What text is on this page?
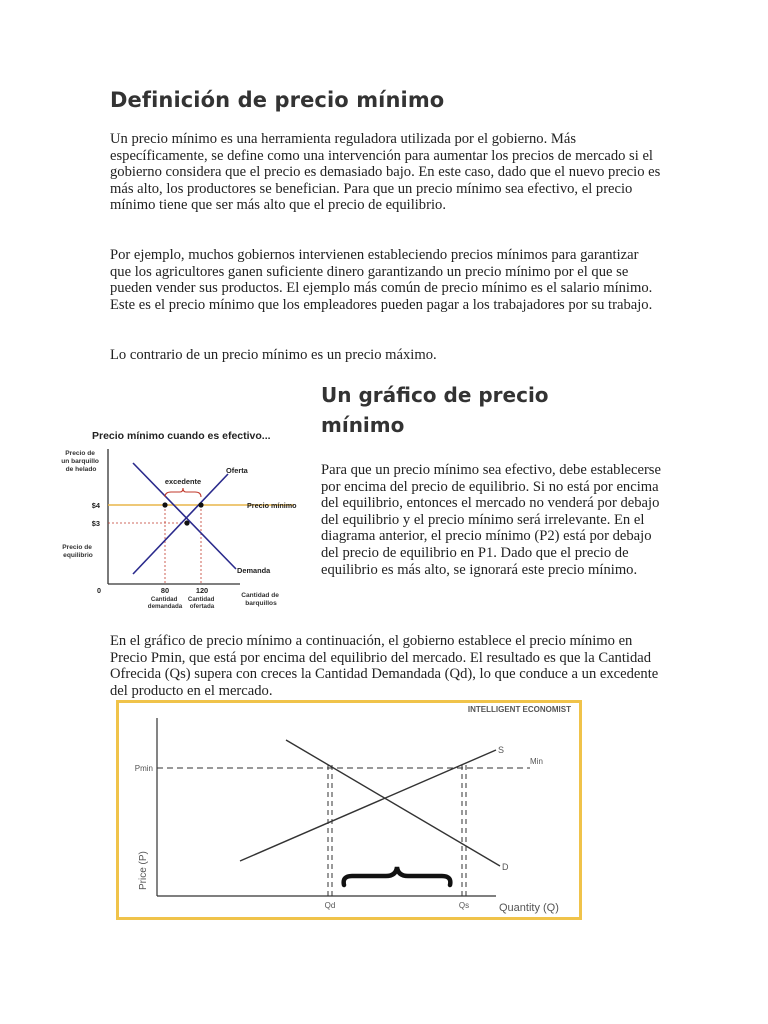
Definición de precio mínimo

Un precio mínimo es una herramienta reguladora utilizada por el gobierno. Más específicamente, se define como una intervención para aumentar los precios de mercado si el gobierno considera que el precio es demasiado bajo. En este caso, dado que el nuevo precio es más alto, los productores se benefician. Para que un precio mínimo sea efectivo, el precio mínimo tiene que ser más alto que el precio de equilibrio.

Por ejemplo, muchos gobiernos intervienen estableciendo precios mínimos para garantizar que los agricultores ganen suficiente dinero garantizando un precio mínimo por el que se pueden vender sus productos. El ejemplo más común de precio mínimo es el salario mínimo. Este es el precio mínimo que los empleadores pueden pagar a los trabajadores por su trabajo.

Lo contrario de un precio mínimo es un precio máximo.

Un gráfico de precio mínimo

Para que un precio mínimo sea efectivo, debe establecerse por encima del precio de equilibrio. Si no está por encima del equilibrio, entonces el mercado no venderá por debajo del equilibrio y el precio mínimo será irrelevante. En el diagrama anterior, el precio mínimo (P2) está por debajo del precio de equilibrio en P1. Dado que el precio de equilibrio es más alto, se ignorará este precio mínimo.

En el gráfico de precio mínimo a continuación, el gobierno establece el precio mínimo en Precio Pmin, que está por encima del equilibrio del mercado. El resultado es que la Cantidad Ofrecida (Qs) supera con creces la Cantidad Demandada (Qd), lo que conduce a un excedente del producto en el mercado.

Precio mínimo cuando es efectivo...
Precio de un barquillo de helado
excedente
Oferta
Precio mínimo
Demanda
$4
$3
Precio de equilibrio
0	80	120
Cantidad demandada
Cantidad ofertada
Cantidad de barquillos
INTELLIGENT ECONOMIST
Price (P)
Quantity (Q)
Pmin
Min
S
D
Qd	Qs
